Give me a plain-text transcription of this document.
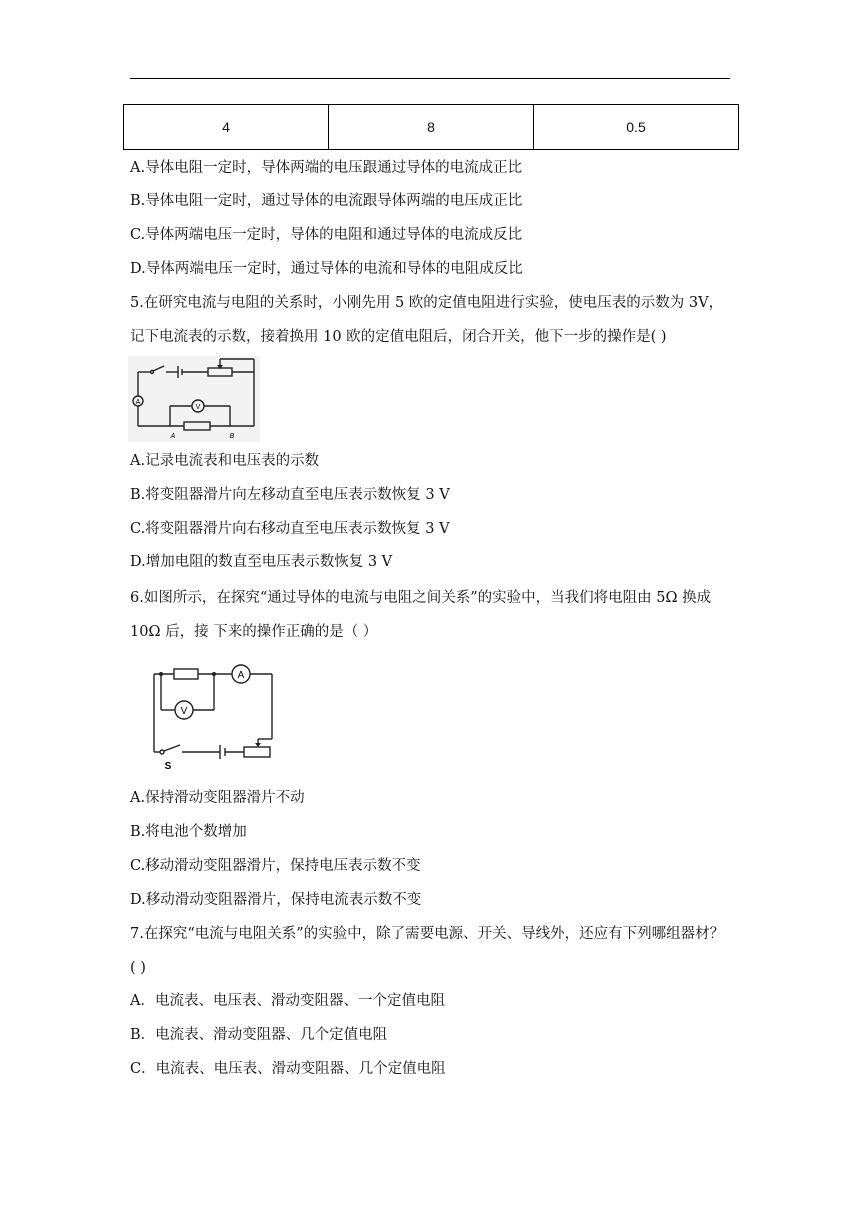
4	8	0.5
A.导体电阻一定时，导体两端的电压跟通过导体的电流成正比
B.导体电阻一定时，通过导体的电流跟导体两端的电压成正比
C.导体两端电压一定时，导体的电阻和通过导体的电流成反比
D.导体两端电压一定时，通过导体的电流和导体的电阻成反比
5.在研究电流与电阻的关系时，小刚先用 5 欧的定值电阻进行实验，使电压表的示数为 3V，
记下电流表的示数，接着换用 10 欧的定值电阻后，闭合开关，他下一步的操作是( )
A
V
A	B
A.记录电流表和电压表的示数
B.将变阻器滑片向左移动直至电压表示数恢复 3 V
C.将变阻器滑片向右移动直至电压表示数恢复 3 V
D.增加电阻的数直至电压表示数恢复 3 V
6.如图所示，在探究“通过导体的电流与电阻之间关系”的实验中，当我们将电阻由 5Ω 换成
10Ω 后，接 下来的操作正确的是（ ）
A
V
S
A.保持滑动变阻器滑片不动
B.将电池个数增加
C.移动滑动变阻器滑片，保持电压表示数不变
D.移动滑动变阻器滑片，保持电流表示数不变
7.在探究“电流与电阻关系”的实验中，除了需要电源、开关、导线外，还应有下列哪组器材？
( )
A．电流表、电压表、滑动变阻器、一个定值电阻
B．电流表、滑动变阻器、几个定值电阻
C．电流表、电压表、滑动变阻器、几个定值电阻
